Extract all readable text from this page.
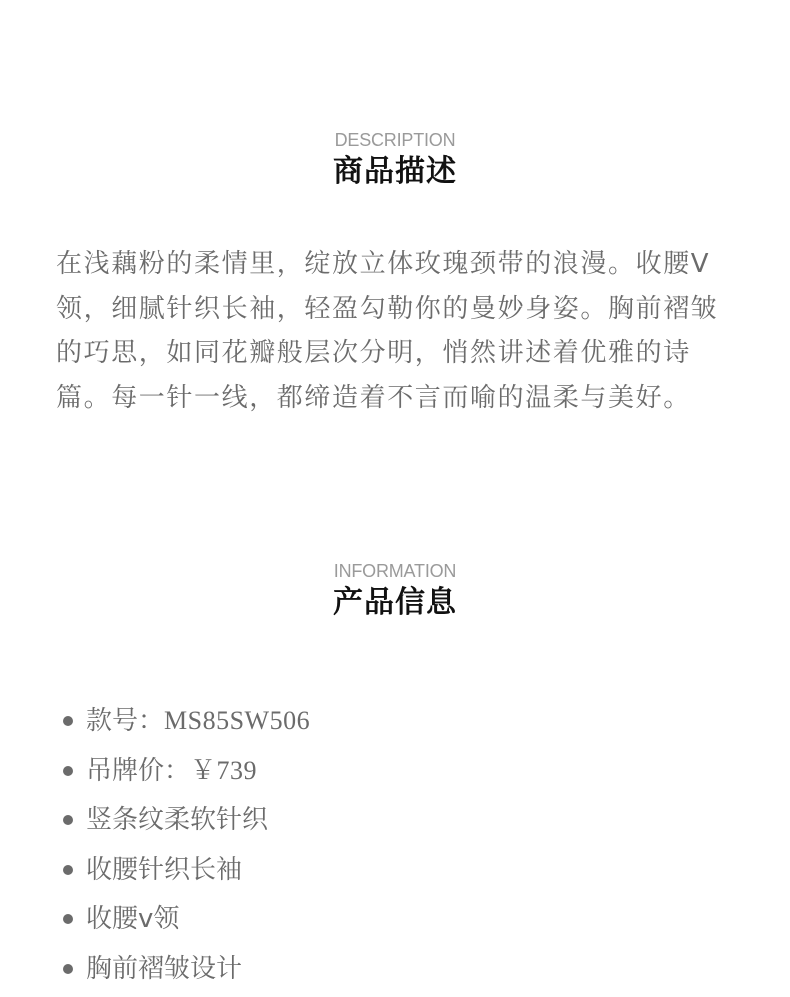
DESCRIPTION
商品描述

在浅藕粉的柔情里，绽放立体玫瑰颈带的浪漫。收腰V领，细腻针织长袖，轻盈勾勒你的曼妙身姿。胸前褶皱的巧思，如同花瓣般层次分明，悄然讲述着优雅的诗篇。每一针一线，都缔造着不言而喻的温柔与美好。

INFORMATION
产品信息
款号：MS85SW506
吊牌价：￥739
竖条纹柔软针织
收腰针织长袖
收腰v领
胸前褶皱设计
